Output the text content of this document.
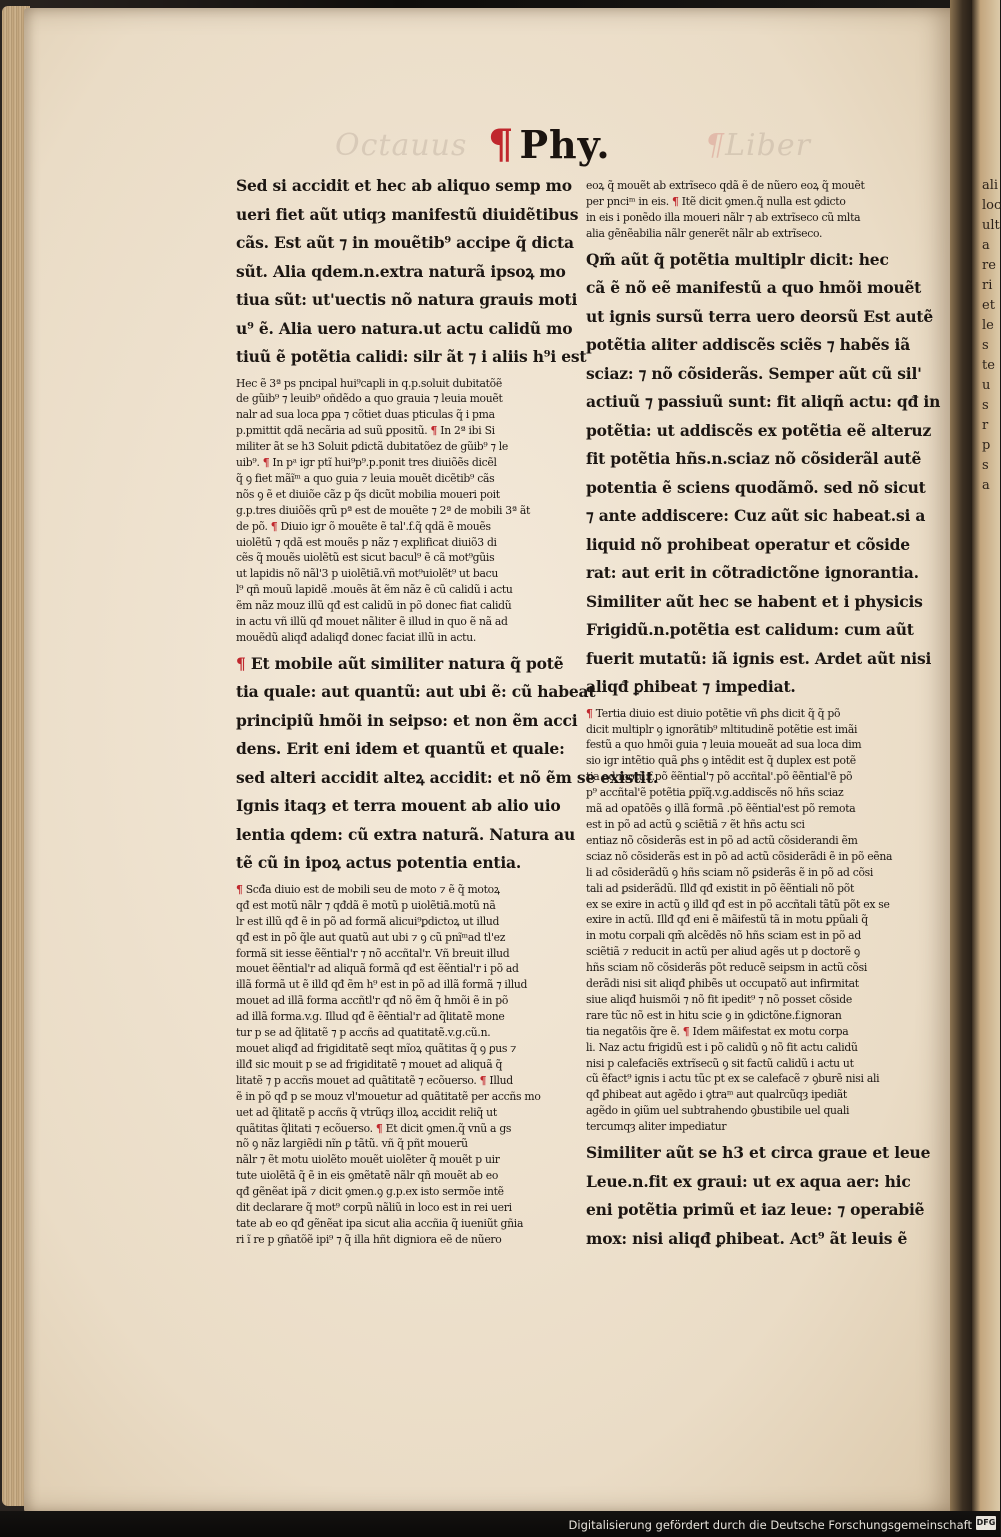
ali
loc
ult
a
re
ri
et
le
s
te
u
s
r
p
s
a
Octauus	¶Liber
¶ Phy.
Sed si accidit et hec ab aliquo semp mo
ueri fiet aũt utiqȝ manifestũ diuidẽtibus
cãs. Est aũt ⁊ in mouẽtib⁹ accipe q̃ dicta
sũt. Alia qdem.n.extra naturã ipsoꝝ mo
tiua sũt: ut'uectis nõ natura grauis moti
u⁹ ẽ. Alia uero natura.ut actu calidũ mo
tiuũ ẽ potẽtia calidi: silr ãt ⁊ i aliis h⁹i est
Hec ẽ 3ª ps pncipal hui⁹capli in q.p.soluit dubitatõẽ
de gũib⁹ ⁊ leuib⁹ oñdẽdo a quo grauia ⁊ leuia mouẽt
nalr ad sua loca ꝑpa ⁊ cõtiet duas pticulas q̃ i pma
p.pmittit qdã necãria ad suũ ꝑpositũ. ¶ In 2ª ibi Si
militer ãt se h3 Soluit ꝑdictã dubitatõez de gũib⁹ ⁊ le
uib⁹. ¶ In pᵃ igr ptĩ hui⁹p⁹.p.ponit tres diuiõẽs dicẽl
q̃ ꝯ fiet mãĩᵐ a quo guia ⁊ leuia mouẽt dicẽtib⁹ cãs
nõs ꝯ ẽ et diuiõe cãz p q̃s dicũt mobilia moueri poit
g.p.tres diuiõẽs qrũ pª est de mouẽte ⁊ 2ª de mobili 3ª ãt
de põ. ¶ Diuio igr õ mouẽte ẽ tal'.f.q̃ qdã ẽ mouẽs
uiolẽtũ ⁊ qdã est mouẽs p nãz ⁊ explificat diuiõ3 di
cẽs q̃ mouẽs uiolẽtũ est sicut bacul⁹ ẽ cã mot⁹gũis
ut lapidis nõ nãl'3 p uiolẽtiã.vñ mot⁹uiolẽt⁹ ut bacu
l⁹ qñ mouũ lapidẽ .mouẽs ãt ẽm nãz ẽ cũ calidũ i actu
ẽm nãz mouz illũ qđ est calidũ in põ donec fiat calidũ
in actu vñ illũ qđ mouet nãliter ẽ illud in quo ẽ nã ad
mouẽdũ aliqđ adaliqđ donec faciat illũ in actu.
¶ Et mobile aũt similiter natura q̃ potẽ
tia quale: aut quantũ: aut ubi ẽ: cũ habeat
principiũ hmõi in seipso: et non ẽm acci
dens. Erit eni idem et quantũ et quale:
sed alteri accidit alteꝝ accidit: et nõ ẽm se existit.
Ignis itaqȝ et terra mouent ab alio uio
lentia qdem: cũ extra naturã. Natura au
tẽ cũ in ipoꝝ actus potentia entia.
¶ Scđa diuio est de mobili seu de moto ⁊ ẽ q̃ motoꝝ
qđ est motũ nãlr ⁊ qđdã ẽ motũ p uiolẽtiã.motũ nã
lr est illũ qđ ẽ in põ ad formã alicui⁹ꝑdictoꝝ ut illud
qđ est in põ q̃le aut quatũ aut ubi ⁊ ꝯ cũ pnĩᵐad tl'ez
formã sit iesse ẽẽntial'r ⁊ nõ accñtal'r. Vñ breuit illud
mouet ẽẽntial'r ad aliquã formã qđ est ẽẽntial'r i põ ad
illã formã ut ẽ illđ qđ ẽm h⁹ est in põ ad illã formã ⁊ illud
mouet ad illã forma accñtl'r qđ nõ ẽm q̃ hmõi ẽ in põ
ad illã forma.v.g. Illud qđ ẽ ẽẽntial'r ad q̃litatẽ mone
tur p se ad q̃litatẽ ⁊ p accñs ad quatitatẽ.v.g.cũ.n.
mouet aliqđ ad frigiditatẽ seqt mĩoꝝ quãtitas q̃ ꝯ ꝑus ⁊
illđ sic mouit p se ad frigiditatẽ ⁊ mouet ad aliquã q̃
litatẽ ⁊ p accñs mouet ad quãtitatẽ ⁊ ecõuerso. ¶ Illud
ẽ in põ qđ p se mouz vl'mouetur ad quãtitatẽ per accñs mo
uet ad q̃litatẽ p accñs q̃ vtrũqȝ illoꝝ accidit reliq̃ ut
quãtitas q̃litati ⁊ ecõuerso. ¶ Et dicit ꝯmen.q̃ vnũ a gs
nõ ꝯ nãz largiẽdi nĩn ꝑ tãtũ. vñ q̃ pñt mouerũ
nãlr ⁊ ẽt motu uiolẽto mouẽt uiolẽter q̃ mouẽt p uir
tute uiolẽtã q̃ ẽ in eis ꝯmẽtatẽ nãlr qñ mouẽt ab eo
qđ gẽnẽat ipã ⁊ dicit ꝯmen.ꝯ g.p.ex isto sermõe intẽ
dit declarare q̃ mot⁹ corpũ nãliũ in loco est in rei ueri
tate ab eo qđ gẽnẽat ipa sicut alia accñia q̃ iueniũt gñia
ri ĩ re p gñatõẽ ipi⁹ ⁊ q̃ illa hñt digniora eẽ de nũero
eoꝝ q̃ mouẽt ab extrĩseco qdã ẽ de nũero eoꝝ q̃ mouẽt
per pnciᵐ in eis. ¶ Itẽ dicit ꝯmen.q̃ nulla est ꝯdicto
in eis i ponẽdo illa moueri nãlr ⁊ ab extrĩseco cũ mlta
alia gẽnẽabilia nãlr generẽt nãlr ab extrĩseco.
Qm̃ aũt q̃ potẽtia multiplr dicit: hec
cã ẽ nõ eẽ manifestũ a quo hmõi mouẽt
ut ignis sursũ terra uero deorsũ Est autẽ
potẽtia aliter addiscẽs sciẽs ⁊ habẽs iã
sciaz: ⁊ nõ cõsiderãs. Semper aũt cũ sil'
actiuũ ⁊ passiuũ sunt: fit aliqñ actu: qđ in
potẽtia: ut addiscẽs ex potẽtia eẽ alteruz
fit potẽtia hñs.n.sciaz nõ cõsiderãl autẽ
potentia ẽ sciens quodãmõ. sed nõ sicut
⁊ ante addiscere: Cuz aũt sic habeat.si a
liquid nõ prohibeat operatur et cõside
rat: aut erit in cõtradictõne ignorantia.
Similiter aũt hec se habent et i physicis
Frigidũ.n.potẽtia est calidum: cum aũt
fuerit mutatũ: iã ignis est. Ardet aũt nisi
aliqđ ꝑhibeat ⁊ impediat.
¶ Tertia diuio est diuio potẽtie vñ ꝑhs dicit q̃ q̃ põ
dicit multiplr ꝯ ignorãtib⁹ mltitudinẽ potẽtie est imãi
festũ a quo hmõi guia ⁊ leuia moueãt ad sua loca dim
sio igr intẽtio quã ꝑhs ꝯ intẽdit est q̃ duplex est potẽ
tia ad motũ.f.põ ẽẽntial'⁊ põ accñtal'.põ ẽẽntial'ẽ põ
p⁹ accñtal'ẽ potẽtia ꝑpĩq̃.v.g.addiscẽs nõ hñs sciaz
mã ad opatõẽs ꝯ illã formã .põ ẽẽntial'est põ remota
est in põ ad actũ ꝯ sciẽtiã ⁊ ẽt hñs actu sci
entiaz nõ cõsiderãs est in põ ad actũ cõsiderandi ẽm
sciaz nõ cõsiderãs est in põ ad actũ cõsiderãdi ẽ in põ eẽna
li ad cõsiderãdũ ꝯ hñs sciam nõ ꝑsiderãs ẽ in põ ad cõsi
tali ad ꝑsiderãdũ. Illđ qđ existit in põ ẽẽntiali nõ põt
ex se exire in actũ ꝯ illđ qđ est in põ accñtali tãtũ põt ex se
exire in actũ. Illđ qđ eni ẽ mãifestũ tã in motu ꝑpũali q̃
in motu corpali qm̃ alcẽdẽs nõ hñs sciam est in põ ad
sciẽtiã ⁊ reducit in actũ per aliud agẽs ut p doctorẽ ꝯ
hñs sciam nõ cõsiderãs põt reducẽ seipsm in actũ cõsi
derãdi nisi sit aliqđ ꝑhibẽs ut occupatõ aut infirmitat
siue aliqđ huismõi ⁊ nõ fit ipedit⁹ ⁊ nõ posset cõside
rare tũc nõ est in hitu scie ꝯ in ꝯdictõne.f.ignoran
tia negatõis q̃re ẽ. ¶ Idem mãifestat ex motu corpa
li. Naz actu frigidũ est i põ calidũ ꝯ nõ fit actu calidũ
nisi p calefaciẽs extrĩsecũ ꝯ sit factũ calidũ i actu ut
cũ ẽfact⁹ ignis i actu tũc pt ex se calefacẽ ⁊ ꝯburẽ nisi ali
qđ ꝑhibeat aut agẽdo i ꝯtraᵐ aut qualrcũqȝ ipediãt
agẽdo in ꝯiũm uel subtrahendo ꝯbustibile uel quali
tercumqȝ aliter impediatur
Similiter aũt se h3 et circa graue et leue
Leue.n.fit ex graui: ut ex aqua aer: hic
eni potẽtia primũ et iaz leue: ⁊ operabiẽ
mox: nisi aliqđ ꝑhibeat. Act⁹ ãt leuis ẽ
Digitalisierung gefördert durch die Deutsche Forschungsgemeinschaft DFG
